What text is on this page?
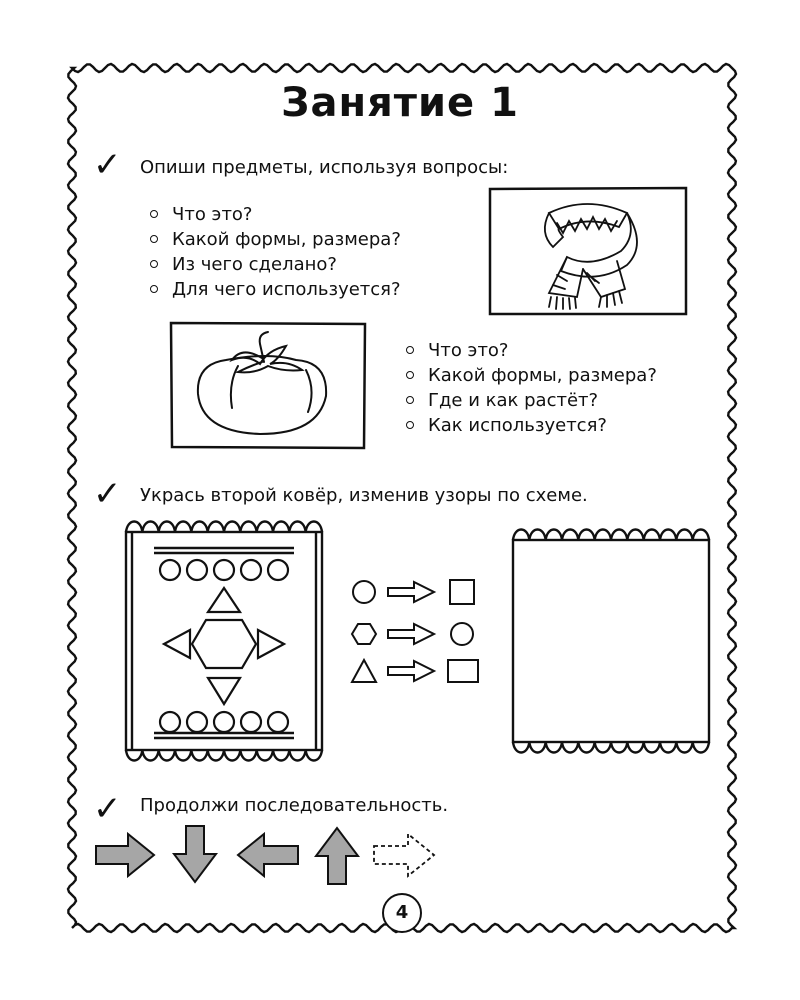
Занятие 1
✓ Опиши предметы, используя вопросы:
Что это?
Какой формы, размера?
Из чего сделано?
Для чего используется?
Что это?
Какой формы, размера?
Где и как растёт?
Как используется?
✓ Укрась второй ковёр, изменив узоры по схеме.
✓ Продолжи последовательность.
4
